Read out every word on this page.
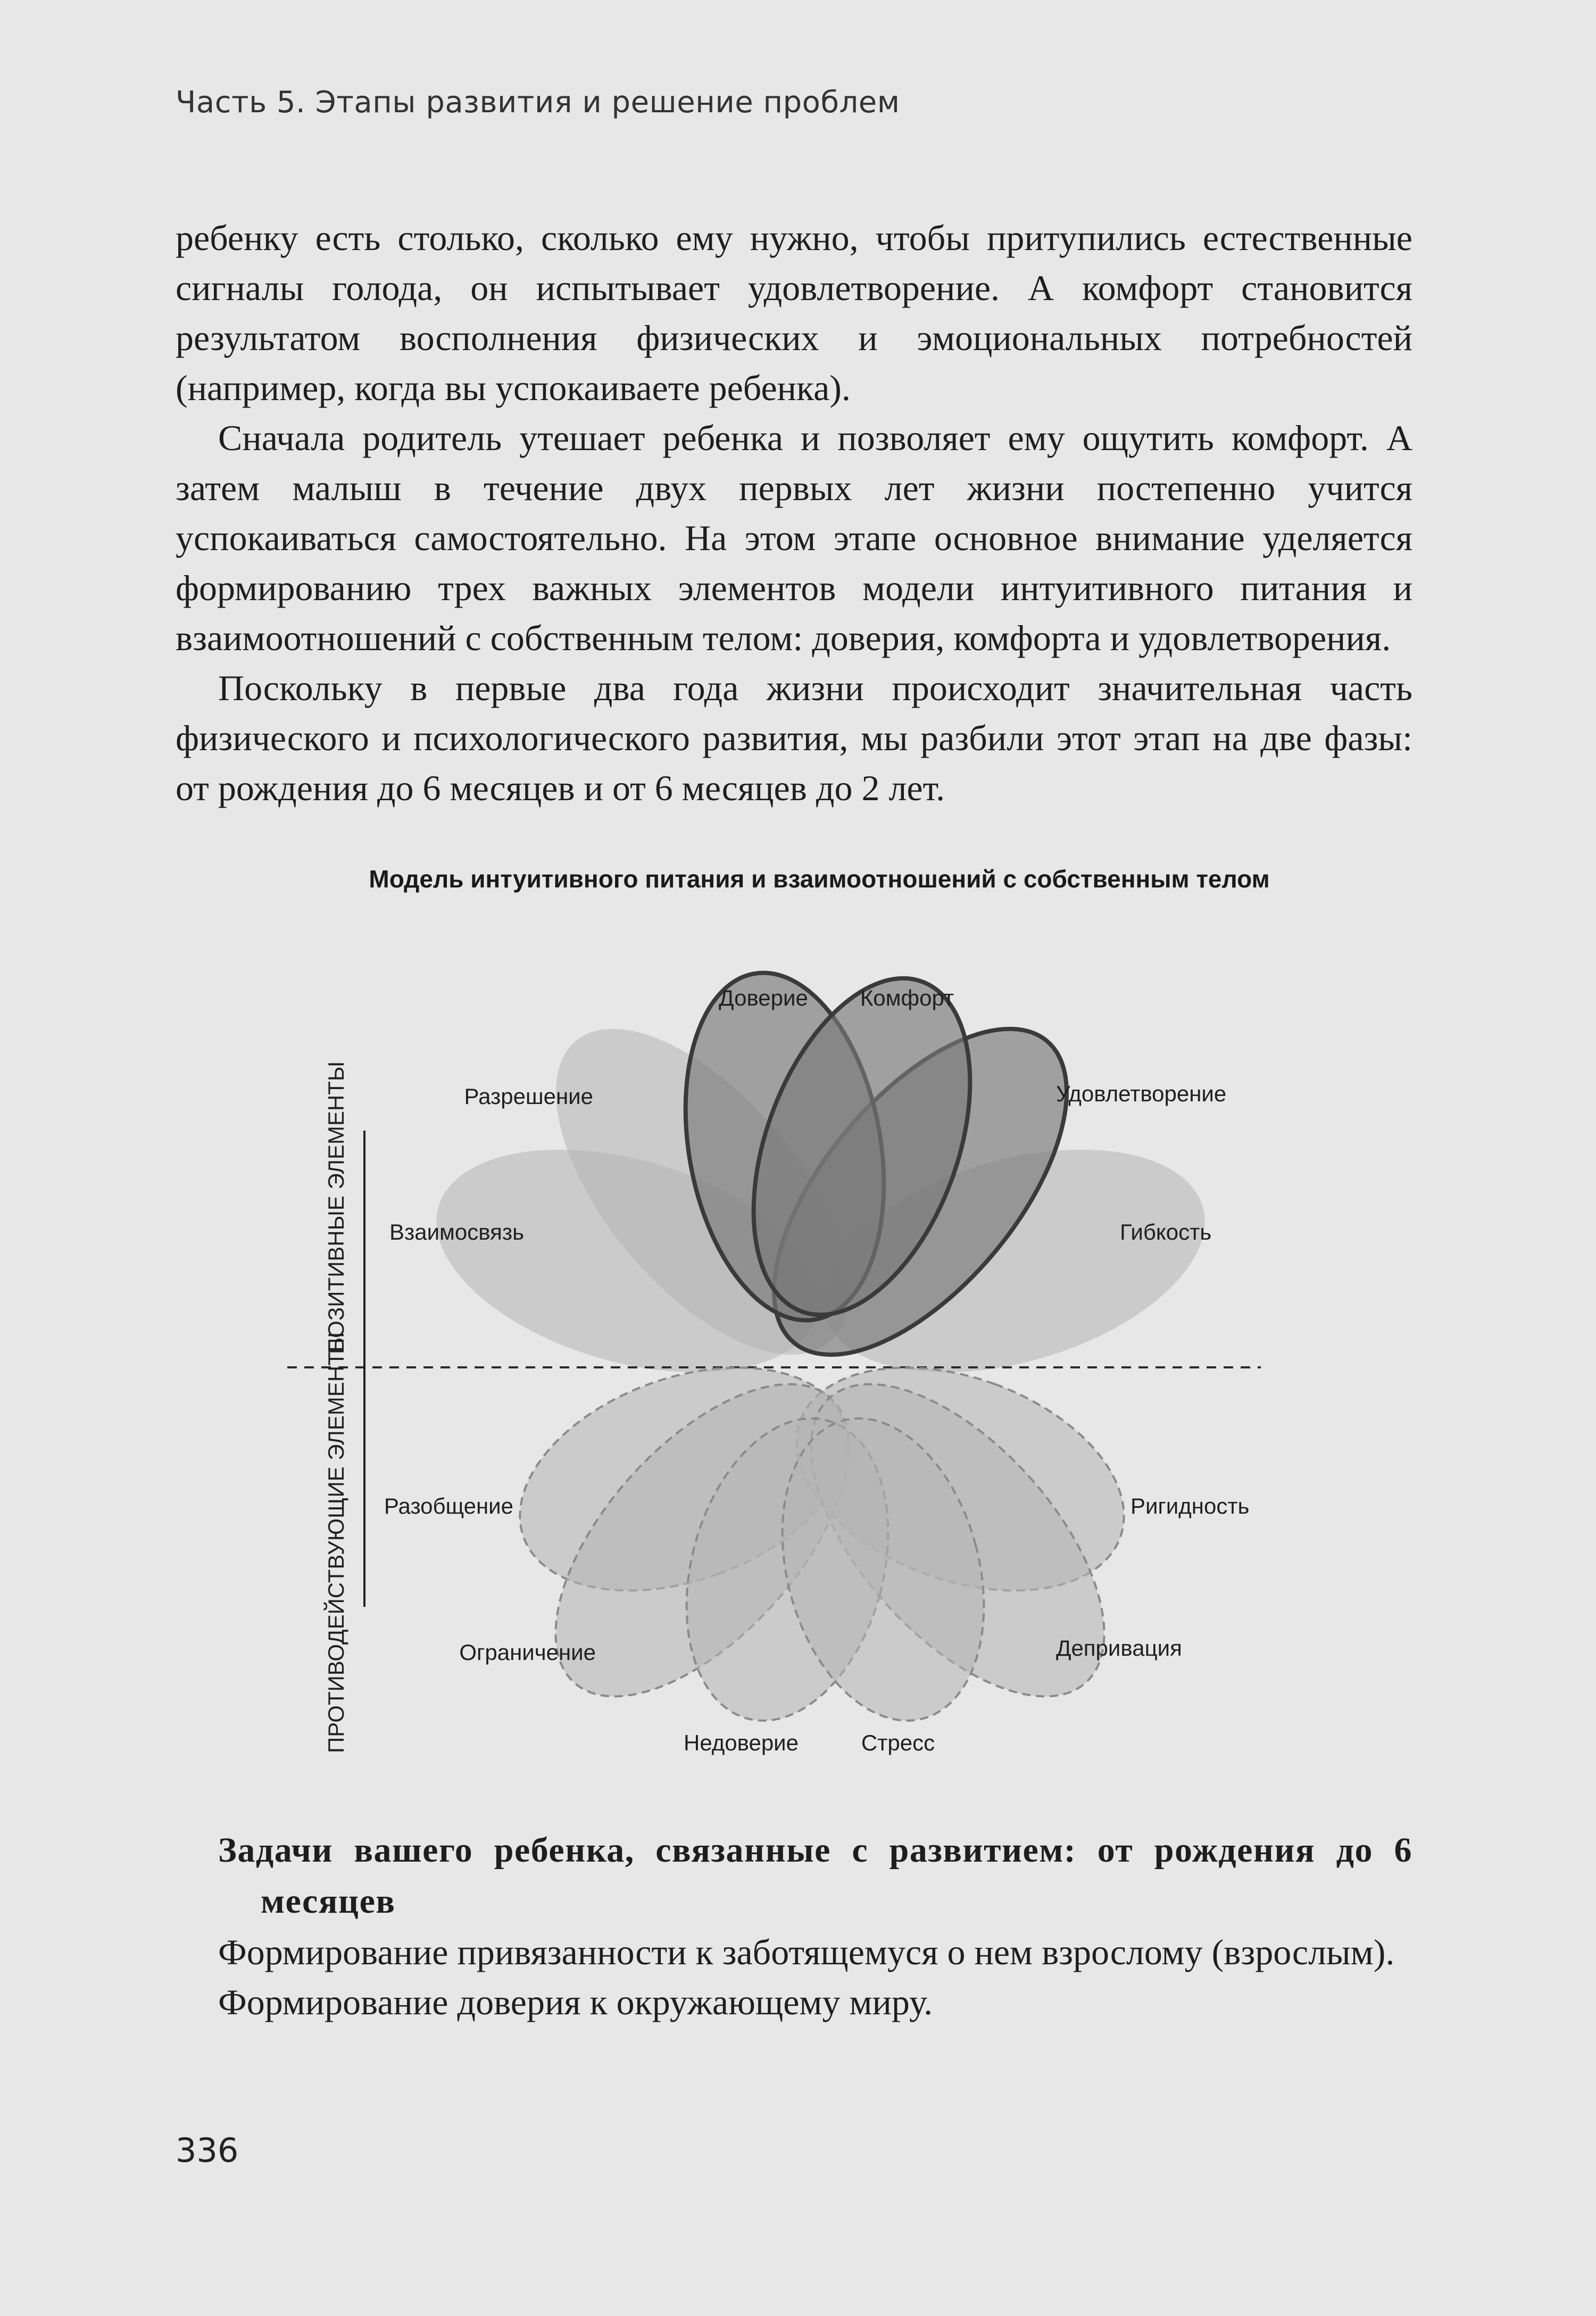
Часть 5. Этапы развития и решение проблем

ребенку есть столько, сколько ему нужно, чтобы притупились естественные сигналы голода, он испытывает удовлетворение. А комфорт становится результатом восполнения физических и эмоциональных потребностей (например, когда вы успокаиваете ребенка).

Сначала родитель утешает ребенка и позволяет ему ощутить комфорт. А затем малыш в течение двух первых лет жизни постепенно учится успокаиваться самостоятельно. На этом этапе основное внимание уделяется формированию трех важных элементов модели интуитивного питания и взаимоотношений с собственным телом: доверия, комфорта и удовлетворения.

Поскольку в первые два года жизни происходит значительная часть физического и психологического развития, мы разбили этот этап на две фазы: от рождения до 6 месяцев и от 6 месяцев до 2 лет.

Модель интуитивного питания и взаимоотношений с собственным телом
ПОЗИТИВНЫЕ ЭЛЕМЕНТЫ
ПРОТИВОДЕЙСТВУЮЩИЕ ЭЛЕМЕНТЫ
Доверие Комфорт
Разрешение	Удовлетворение
Взаимосвязь	Гибкость
Разобщение	Ригидность
Ограничение	Депривация
Недоверие	Стресс

Задачи вашего ребенка, связанные с развитием: от рождения до 6 месяцев

Формирование привязанности к заботящемуся о нем взрослому (взрослым).

Формирование доверия к окружающему миру.

336
